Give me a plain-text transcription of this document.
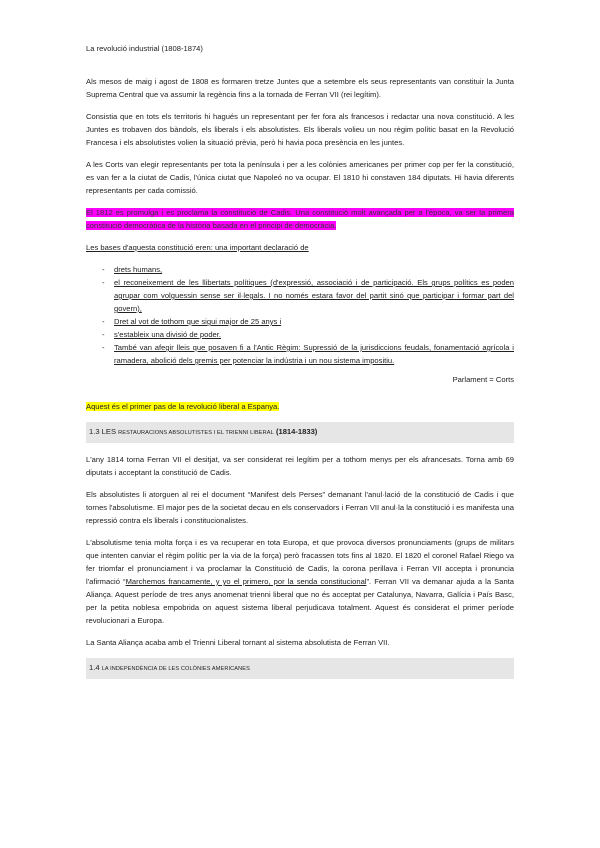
La revolució industrial (1808-1874)

Als mesos de maig i agost de 1808 es formaren tretze Juntes que a setembre els seus representants van constituir la Junta Suprema Central que va assumir la regència fins a la tornada de Ferran VII (rei legítim).

Consistia que en tots els territoris hi hagués un representant per fer fora als francesos i redactar una nova constitució. A les Juntes es trobaven dos bàndols, els liberals i els absolutistes. Els liberals volieu un nou règim polític basat en la Revolució Francesa i els absolutistes volien la situació prèvia, però hi havia poca presència en les juntes.

A les Corts van elegir representants per tota la península i per a les colònies americanes per primer cop per fer la constitució, es van fer a la ciutat de Cadis, l'única ciutat que Napoleó no va ocupar. El 1810 hi constaven 184 diputats. Hi havia diferents representants per cada comissió.

El 1812 es promulga i es proclama la constitució de Cadis. Una constitució molt avançada per a l'època, va ser la primera constitució democràtica de la història basada en el principi de democràcia.

Les bases d'aquesta constitució eren: una important declaració de

- drets humans,
- el reconeixement de les llibertats polítiques (d'expressió, associació i de participació. Els grups polítics es poden agrupar com volguessin sense ser il·legals. I no només estara favor del partit sinó que participar i formar part del govern),
- Dret al vot de tothom que sigui major de 25 anys i
- s'estableix una divisió de poder.
- També van afegir lleis que posaven fi a l'Antic Règim: Supressió de la jurisdiccions feudals, fonamentació agrícola i ramadera, abolició dels gremis per potenciar la indústria i un nou sistema impositiu.

Parlament = Corts

Aquest és el primer pas de la revolució liberal a Espanya.

1.3 LES RESTAURACIONS ABSOLUTISTES I EL TRIENNI LIBERAL (1814-1833)

L'any 1814 torna Ferran VII el desitjat, va ser considerat rei legítim per a tothom menys per els afrancesats. Torna amb 69 diputats i acceptant la constitució de Cadis.

Els absolutistes li atorguen al rei el document “Manifest dels Perses” demanant l'anul·lació de la constitució de Cadis i que tornes l'absolutisme. El major pes de la societat decau en els conservadors i Ferran VII anul·la la constitució i es manifesta una repressió contra els liberals i constitucionalistes.

L'absolutisme tenia molta força i es va recuperar en tota Europa, et que provoca diversos pronunciaments (grups de militars que intenten canviar el règim polític per la via de la força) però fracassen tots fins al 1820. El 1820 el coronel Rafael Riego va fer triomfar el pronunciament i va proclamar la Constitució de Cadis, la corona perillava i Ferran VII accepta i pronuncia l'afirmació “Marchemos francamente, y yo el primero, por la senda constitucional”. Ferran VII va demanar ajuda a la Santa Aliança. Aquest període de tres anys anomenat trienni liberal que no és acceptat per Catalunya, Navarra, Galícia i País Basc, per la petita noblesa empobrida on aquest sistema liberal perjudicava totalment. Aquest és considerat el primer període revolucionari a Europa.

La Santa Aliança acaba amb el Trienni Liberal tornant al sistema absolutista de Ferran VII.

1.4 LA INDEPENDÈNCIA DE LES COLÒNIES AMERICANES
